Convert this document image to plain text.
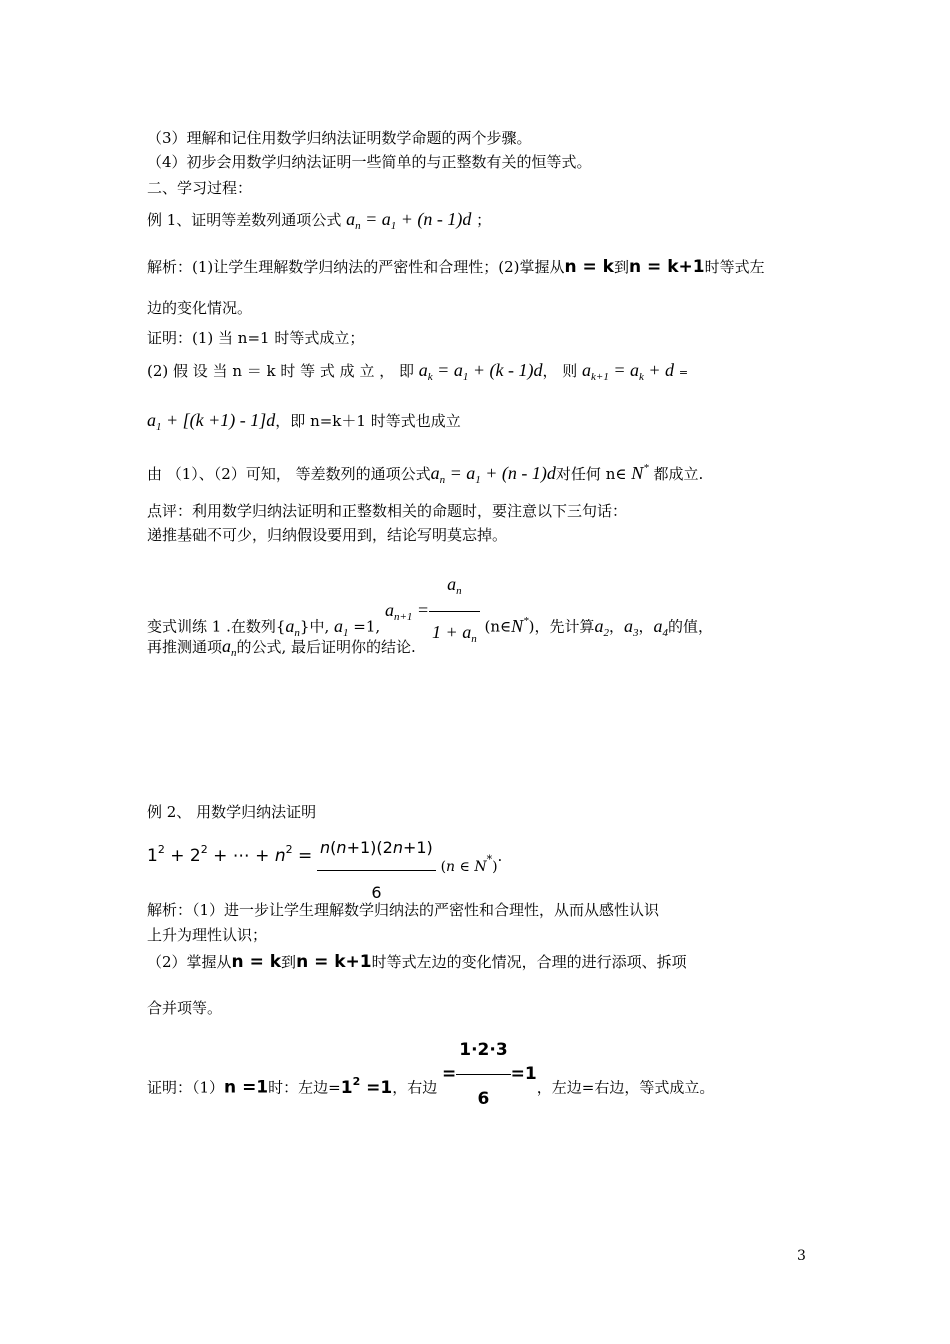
（3）理解和记住用数学归纳法证明数学命题的两个步骤。
（4）初步会用数学归纳法证明一些简单的与正整数有关的恒等式。
二、学习过程：
例 1、证明等差数列通项公式 $a_n = a_1 + (n - 1)d$ ；
解析：(1)让学生理解数学归纳法的严密性和合理性；(2)掌握从n = k到n = k+1时等式左
边的变化情况。
证明：(1) 当 n=1 时等式成立；
(2) 假 设 当 n ＝ k 时 等 式 成 立 ， 即 $a_k = a_1 + (k - 1)d$， 则 $a_{k+1} = a_k + d$ =
$a_1 + [(k +1) - 1]d$，即 n=k＋1 时等式也成立
由 （1）、（2）可知， 等差数列的通项公式$a_n = a_1 + (n - 1)d$对任何 n∈ N* 都成立.
点评：利用数学归纳法证明和正整数相关的命题时，要注意以下三句话：
递推基础不可少，归纳假设要用到，结论写明莫忘掉。
变式训练 1 .在数列$\{a_n\}$中, $a_1 =1$, $a_{n+1} = \frac{a_n}{1 + a_n}$ (n∈N*)，先计算$a_2$，$a_3$，$a_4$的值，
再推测通项$a_n$的公式, 最后证明你的结论.
例 2、 用数学归纳法证明
$1^2 + 2^2$ + ⋯ + $n^2 = \frac{n(n+1)(2n+1)}{6} (n$ ∈ N*).
解析：（1）进一步让学生理解数学归纳法的严密性和合理性，从而从感性认识
上升为理性认识；
（2）掌握从n = k到n = k+1时等式左边的变化情况，合理的进行添项、拆项
合并项等。
证明：（1）n =1时：左边$=1^2 =1$，右边 = $\frac{1\cdot 2\cdot 3}{6} =1$，左边=右边，等式成立。
3
